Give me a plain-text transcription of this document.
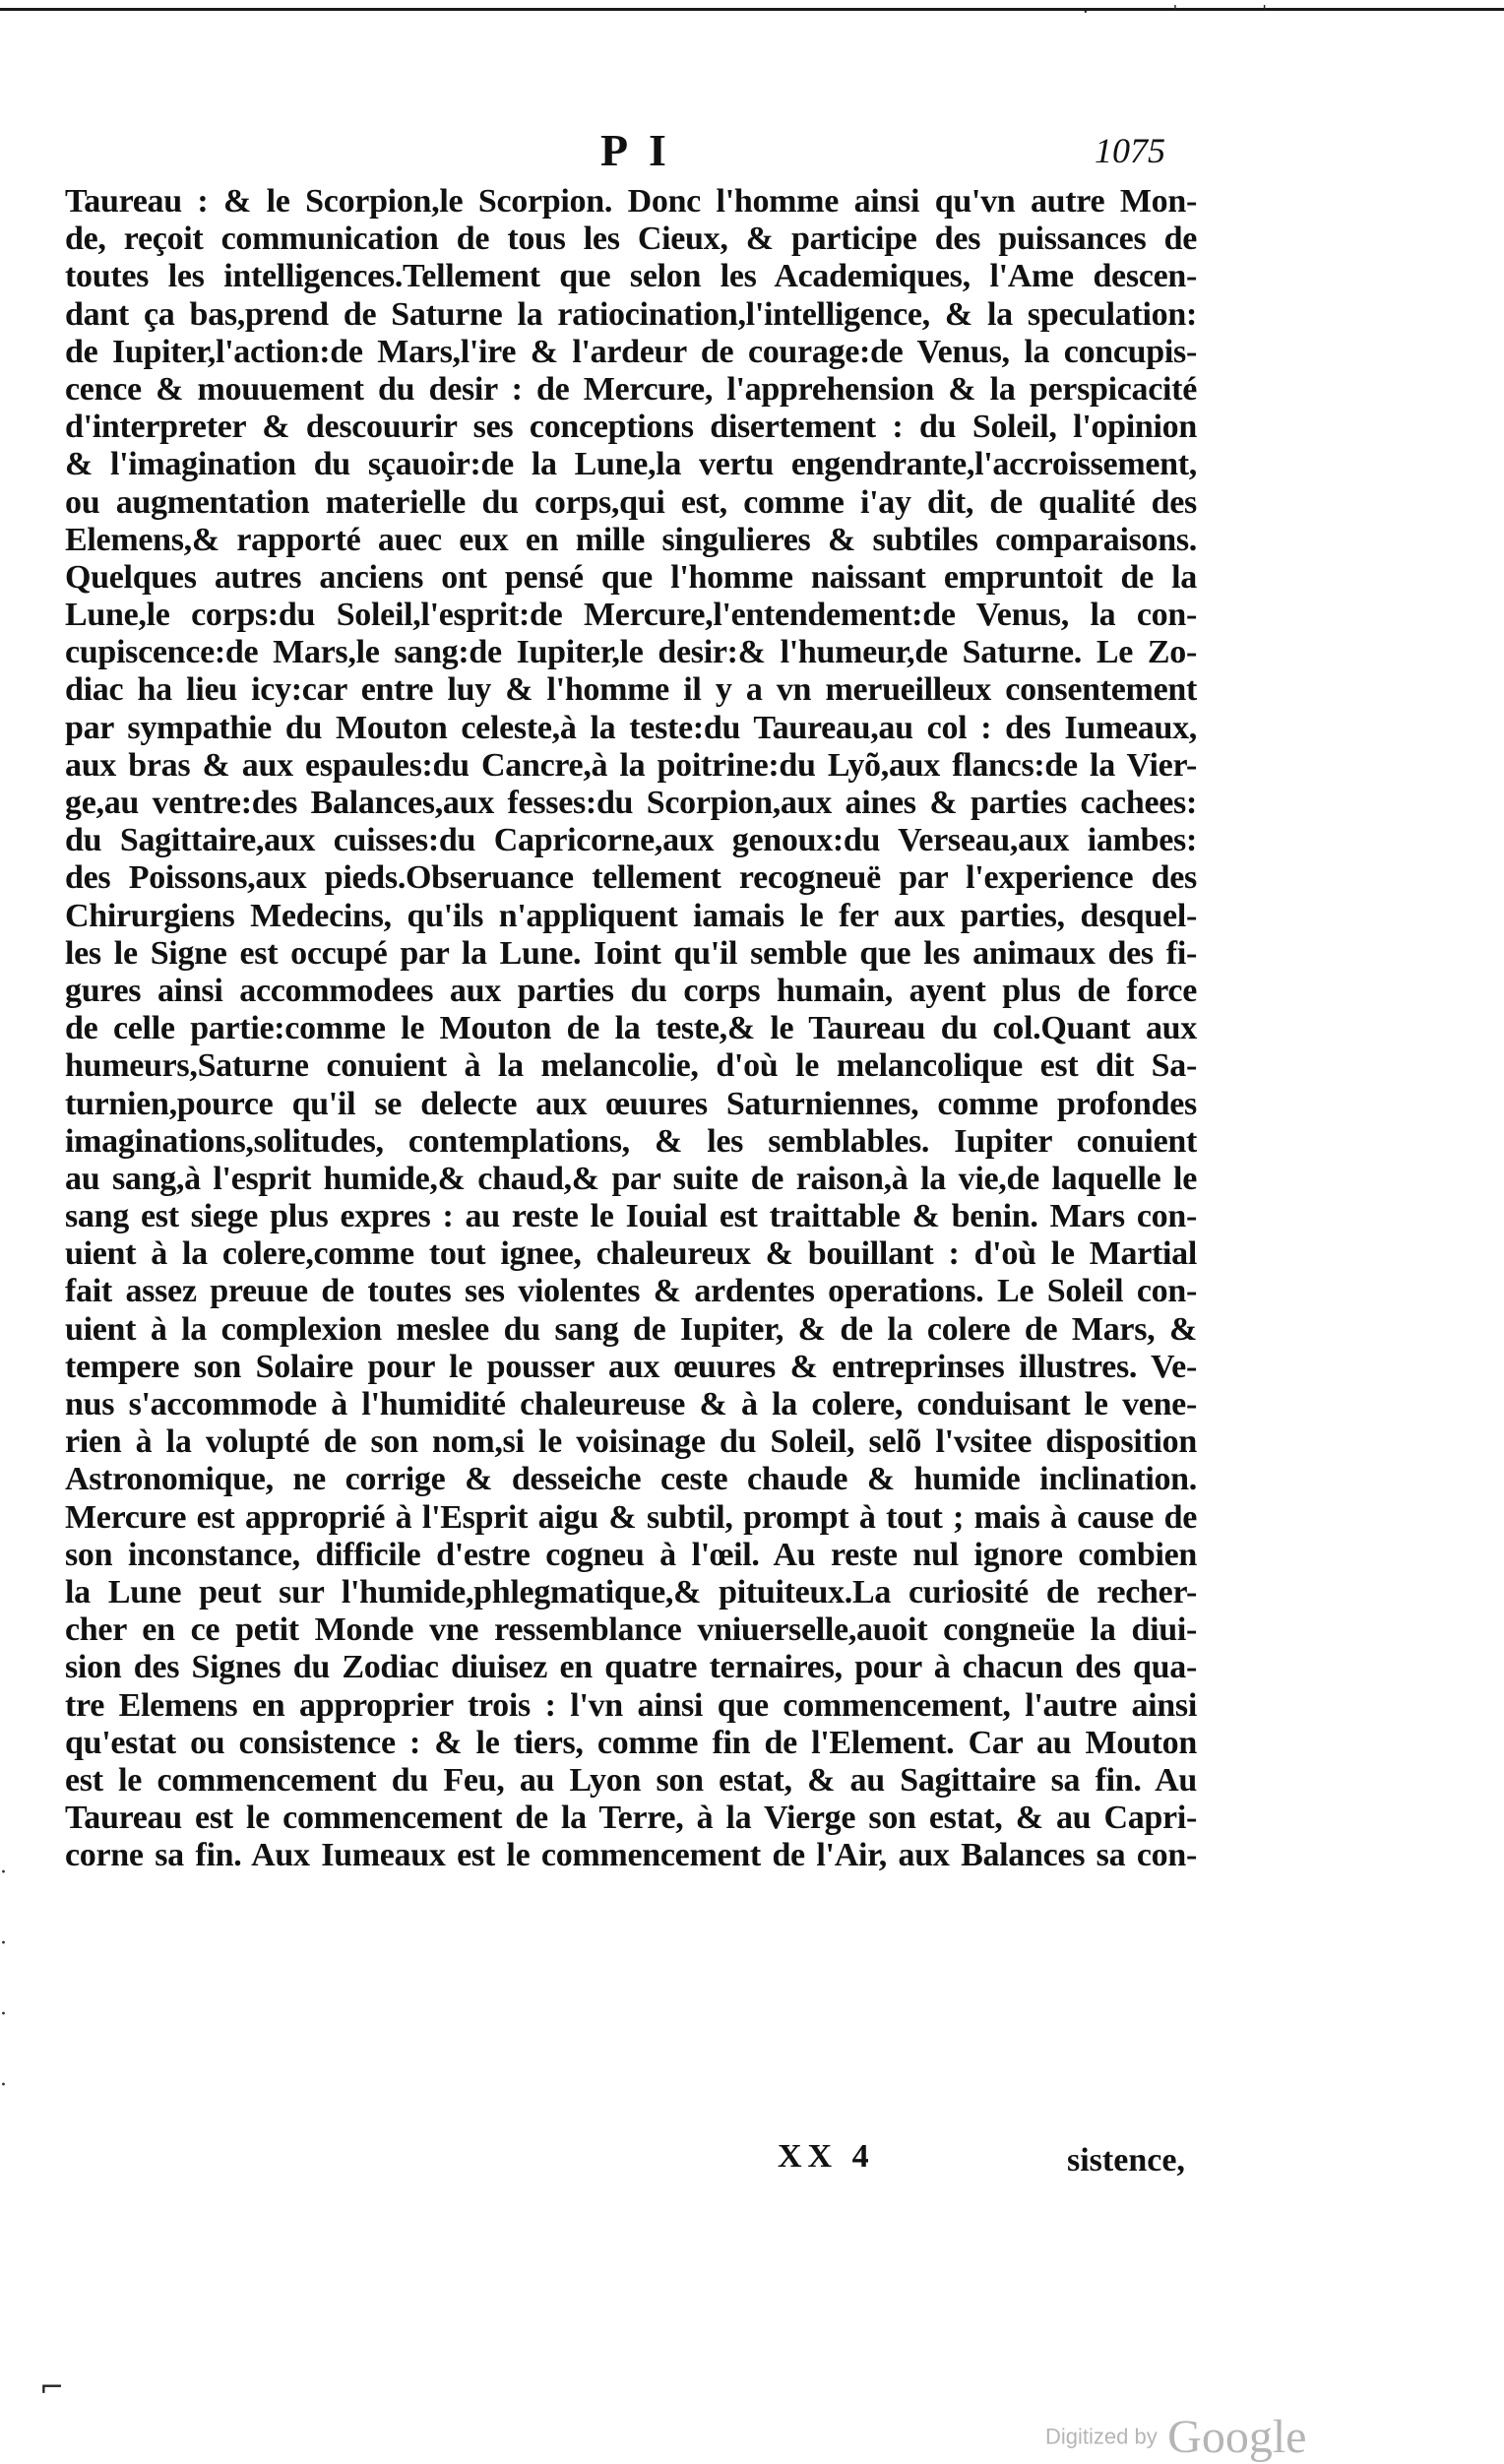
· ' '
P I	1075
Taureau : & le Scorpion,le Scorpion. Donc l'homme ainsi qu'vn autre Mon-
de, reçoit communication de tous les Cieux, & participe des puissances de
toutes les intelligences.Tellement que selon les Academiques, l'Ame descen-
dant ça bas,prend de Saturne la ratiocination,l'intelligence, & la speculation:
de Iupiter,l'action:de Mars,l'ire & l'ardeur de courage:de Venus, la concupis-
cence & mouuement du desir : de Mercure, l'apprehension & la perspicacité
d'interpreter & descouurir ses conceptions disertement : du Soleil, l'opinion
& l'imagination du sçauoir:de la Lune,la vertu engendrante,l'accroissement,
ou augmentation materielle du corps,qui est, comme i'ay dit, de qualité des
Elemens,& rapporté auec eux en mille singulieres & subtiles comparaisons.
Quelques autres anciens ont pensé que l'homme naissant empruntoit de la
Lune,le corps:du Soleil,l'esprit:de Mercure,l'entendement:de Venus, la con-
cupiscence:de Mars,le sang:de Iupiter,le desir:& l'humeur,de Saturne. Le Zo-
diac ha lieu icy:car entre luy & l'homme il y a vn merueilleux consentement
par sympathie du Mouton celeste,à la teste:du Taureau,au col : des Iumeaux,
aux bras & aux espaules:du Cancre,à la poitrine:du Lyõ,aux flancs:de la Vier-
ge,au ventre:des Balances,aux fesses:du Scorpion,aux aines & parties cachees:
du Sagittaire,aux cuisses:du Capricorne,aux genoux:du Verseau,aux iambes:
des Poissons,aux pieds.Obseruance tellement recogneuë par l'experience des
Chirurgiens Medecins, qu'ils n'appliquent iamais le fer aux parties, desquel-
les le Signe est occupé par la Lune. Ioint qu'il semble que les animaux des fi-
gures ainsi accommodees aux parties du corps humain, ayent plus de force
de celle partie:comme le Mouton de la teste,& le Taureau du col.Quant aux
humeurs,Saturne conuient à la melancolie, d'où le melancolique est dit Sa-
turnien,pource qu'il se delecte aux œuures Saturniennes, comme profondes
imaginations,solitudes, contemplations, & les semblables. Iupiter conuient
au sang,à l'esprit humide,& chaud,& par suite de raison,à la vie,de laquelle le
sang est siege plus expres : au reste le Iouial est traittable & benin. Mars con-
uient à la colere,comme tout ignee, chaleureux & bouillant : d'où le Martial
fait assez preuue de toutes ses violentes & ardentes operations. Le Soleil con-
uient à la complexion meslee du sang de Iupiter, & de la colere de Mars, &
tempere son Solaire pour le pousser aux œuures & entreprinses illustres. Ve-
nus s'accommode à l'humidité chaleureuse & à la colere, conduisant le vene-
rien à la volupté de son nom,si le voisinage du Soleil, selõ l'vsitee disposition
Astronomique, ne corrige & desseiche ceste chaude & humide inclination.
Mercure est approprié à l'Esprit aigu & subtil, prompt à tout ; mais à cause de
son inconstance, difficile d'estre cogneu à l'œil. Au reste nul ignore combien
la Lune peut sur l'humide,phlegmatique,& pituiteux.La curiosité de recher-
cher en ce petit Monde vne ressemblance vniuerselle,auoit congneüe la diui-
sion des Signes du Zodiac diuisez en quatre ternaires, pour à chacun des qua-
tre Elemens en approprier trois : l'vn ainsi que commencement, l'autre ainsi
qu'estat ou consistence : & le tiers, comme fin de l'Element. Car au Mouton
est le commencement du Feu, au Lyon son estat, & au Sagittaire sa fin. Au
Taureau est le commencement de la Terre, à la Vierge son estat, & au Capri-
corne sa fin. Aux Iumeaux est le commencement de l'Air, aux Balances sa con-
·
·
·
·
XX 4	sistence,
⌐
Digitized by Google
